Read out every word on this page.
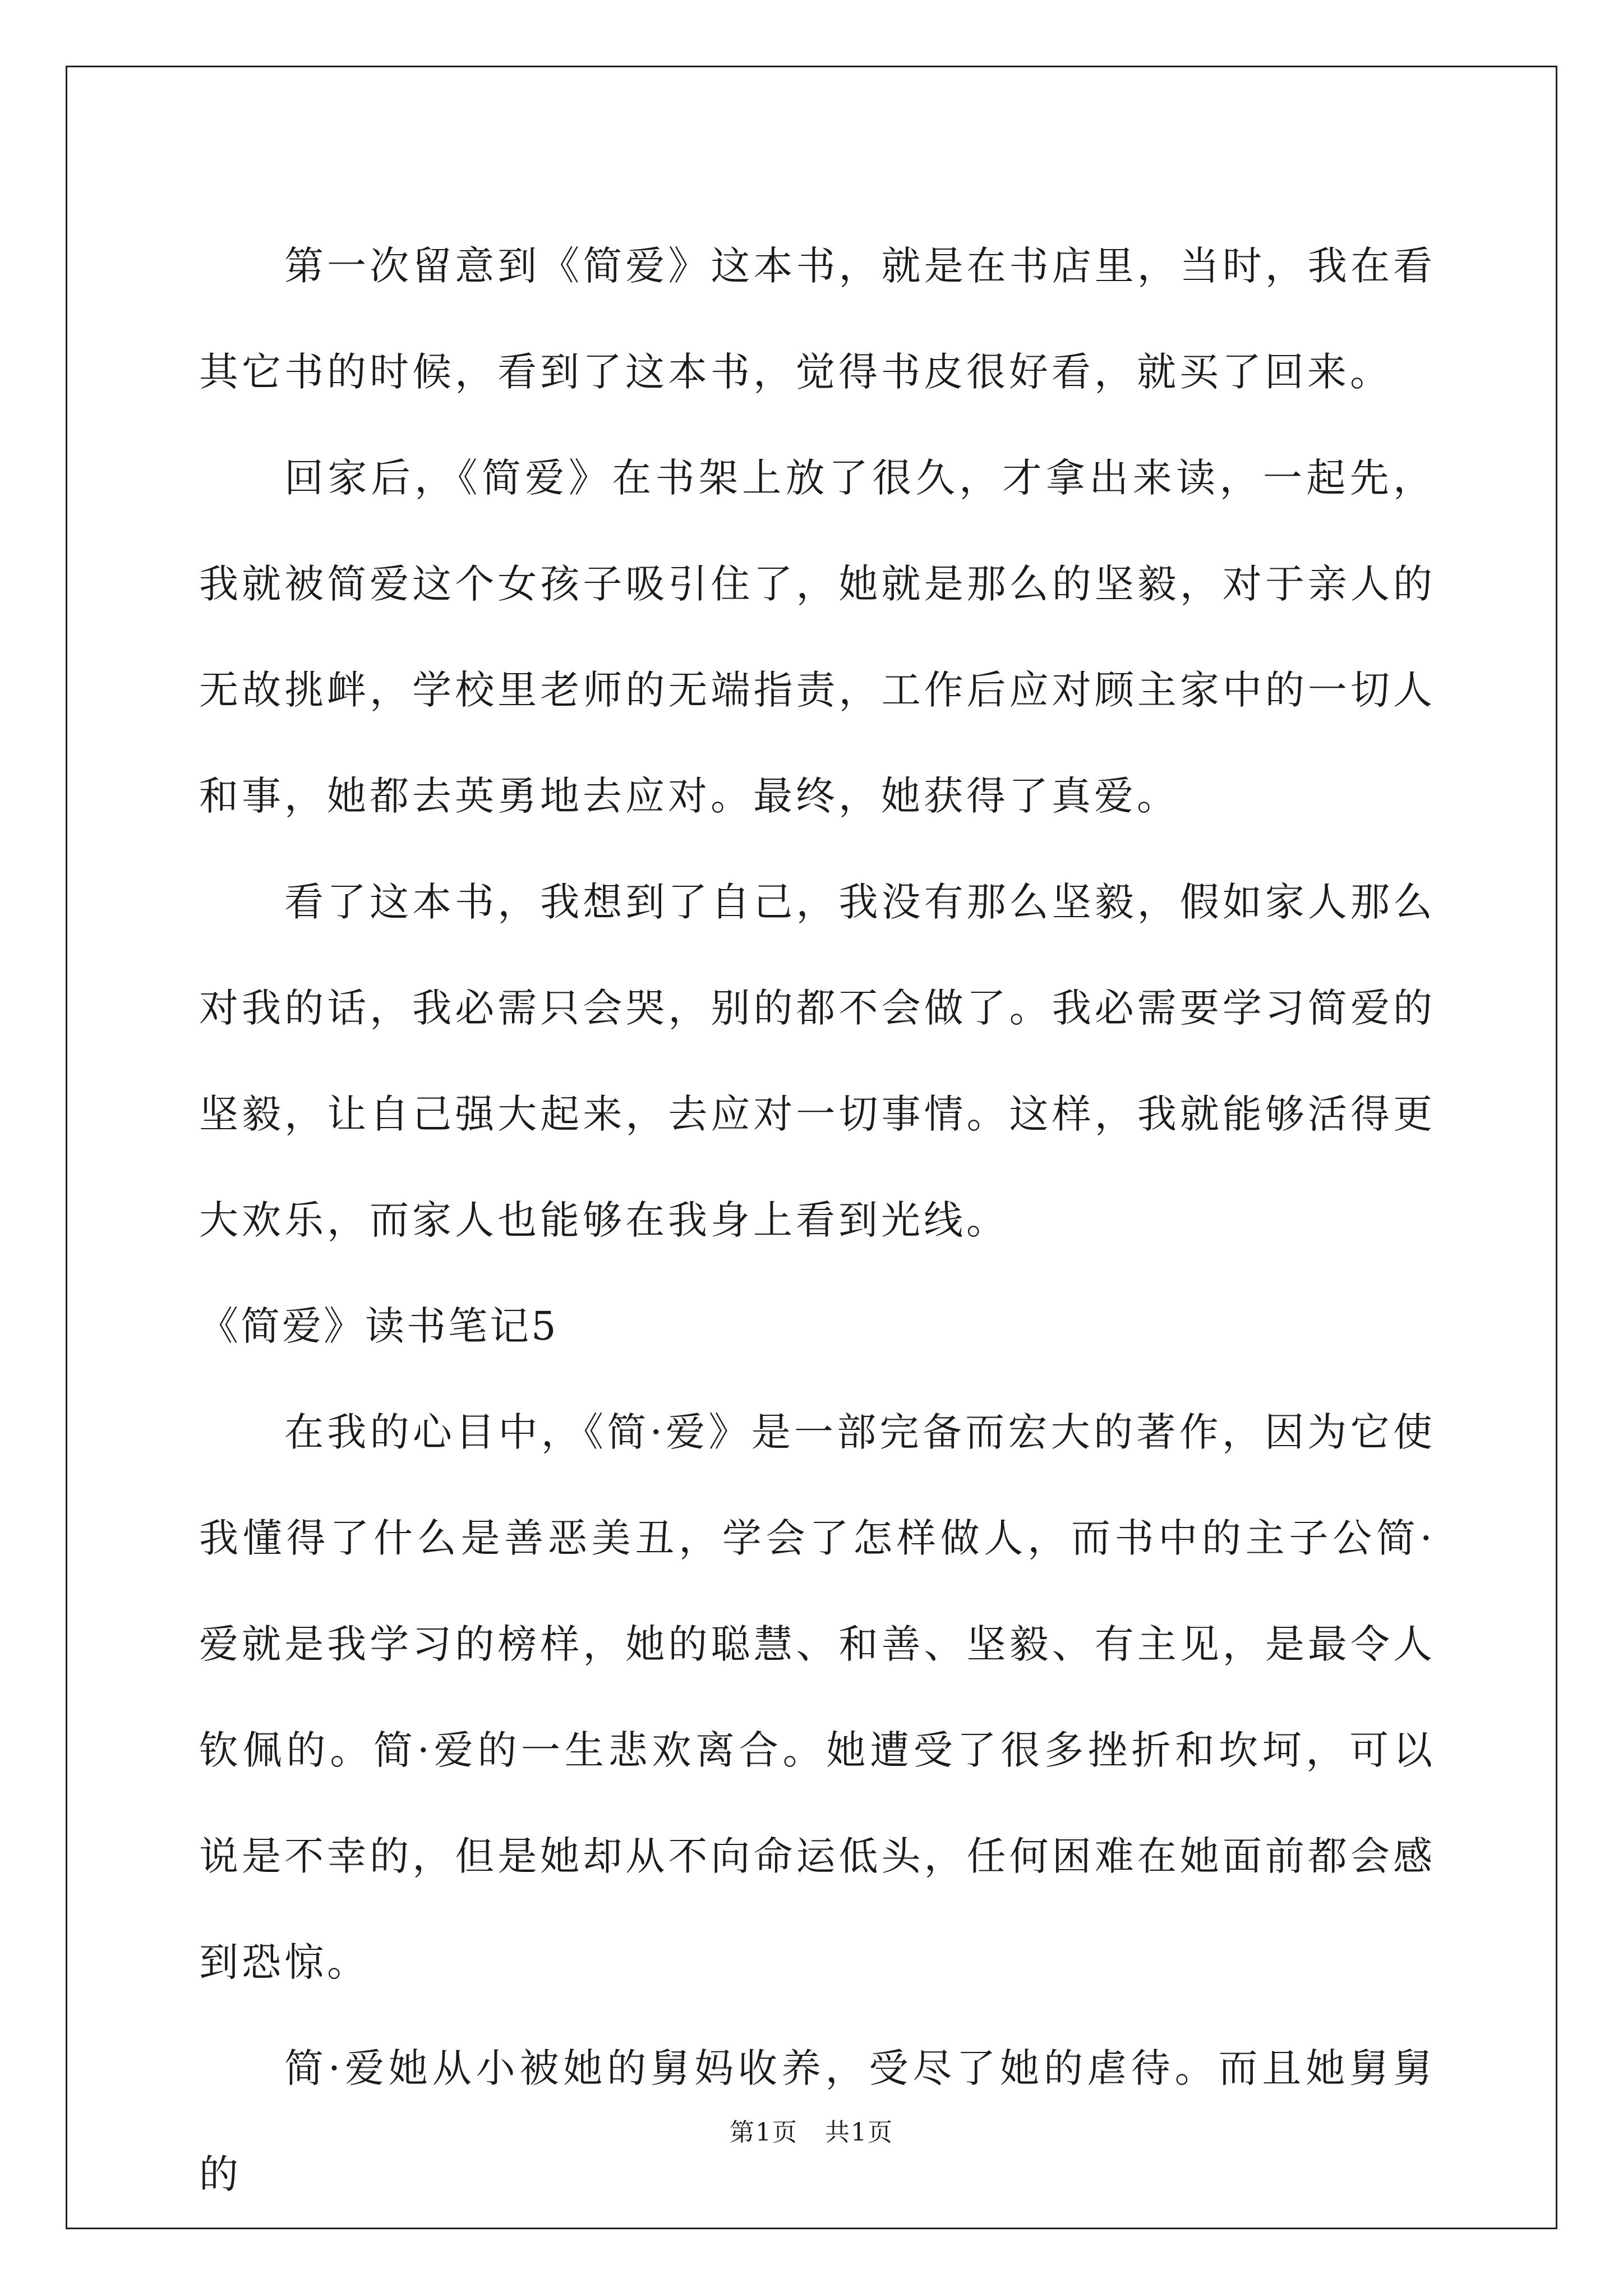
第一次留意到《简爱》这本书，就是在书店里，当时，我在看其它书的时候，看到了这本书，觉得书皮很好看，就买了回来。

回家后，《简爱》在书架上放了很久，才拿出来读，一起先，我就被简爱这个女孩子吸引住了，她就是那么的坚毅，对于亲人的无故挑衅，学校里老师的无端指责，工作后应对顾主家中的一切人和事，她都去英勇地去应对。最终，她获得了真爱。

看了这本书，我想到了自己，我没有那么坚毅，假如家人那么对我的话，我必需只会哭，别的都不会做了。我必需要学习简爱的坚毅，让自己强大起来，去应对一切事情。这样，我就能够活得更大欢乐，而家人也能够在我身上看到光线。

《简爱》读书笔记5

在我的心目中，《简·爱》是一部完备而宏大的著作，因为它使我懂得了什么是善恶美丑，学会了怎样做人，而书中的主子公简·爱就是我学习的榜样，她的聪慧、和善、坚毅、有主见，是最令人钦佩的。简·爱的一生悲欢离合。她遭受了很多挫折和坎坷，可以说是不幸的，但是她却从不向命运低头，任何困难在她面前都会感到恐惊。

简·爱她从小被她的舅妈收养，受尽了她的虐待。而且她舅舅的

第1页 共1页
